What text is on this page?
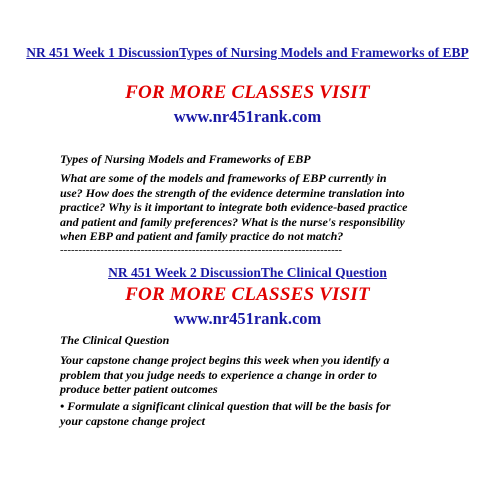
NR 451 Week 1 DiscussionTypes of Nursing Models and Frameworks of EBP
FOR MORE CLASSES VISIT
www.nr451rank.com
Types of Nursing Models and Frameworks of EBP
What are some of the models and frameworks of EBP currently in
use? How does the strength of the evidence determine translation into
practice? Why is it important to integrate both evidence-based practice
and patient and family preferences? What is the nurse's responsibility
when EBP and patient and family practice do not match?
-----------------------------------------------------------------------------
NR 451 Week 2 DiscussionThe Clinical Question
FOR MORE CLASSES VISIT
www.nr451rank.com
The Clinical Question
Your capstone change project begins this week when you identify a
problem that you judge needs to experience a change in order to
produce better patient outcomes
• Formulate a significant clinical question that will be the basis for
your capstone change project
